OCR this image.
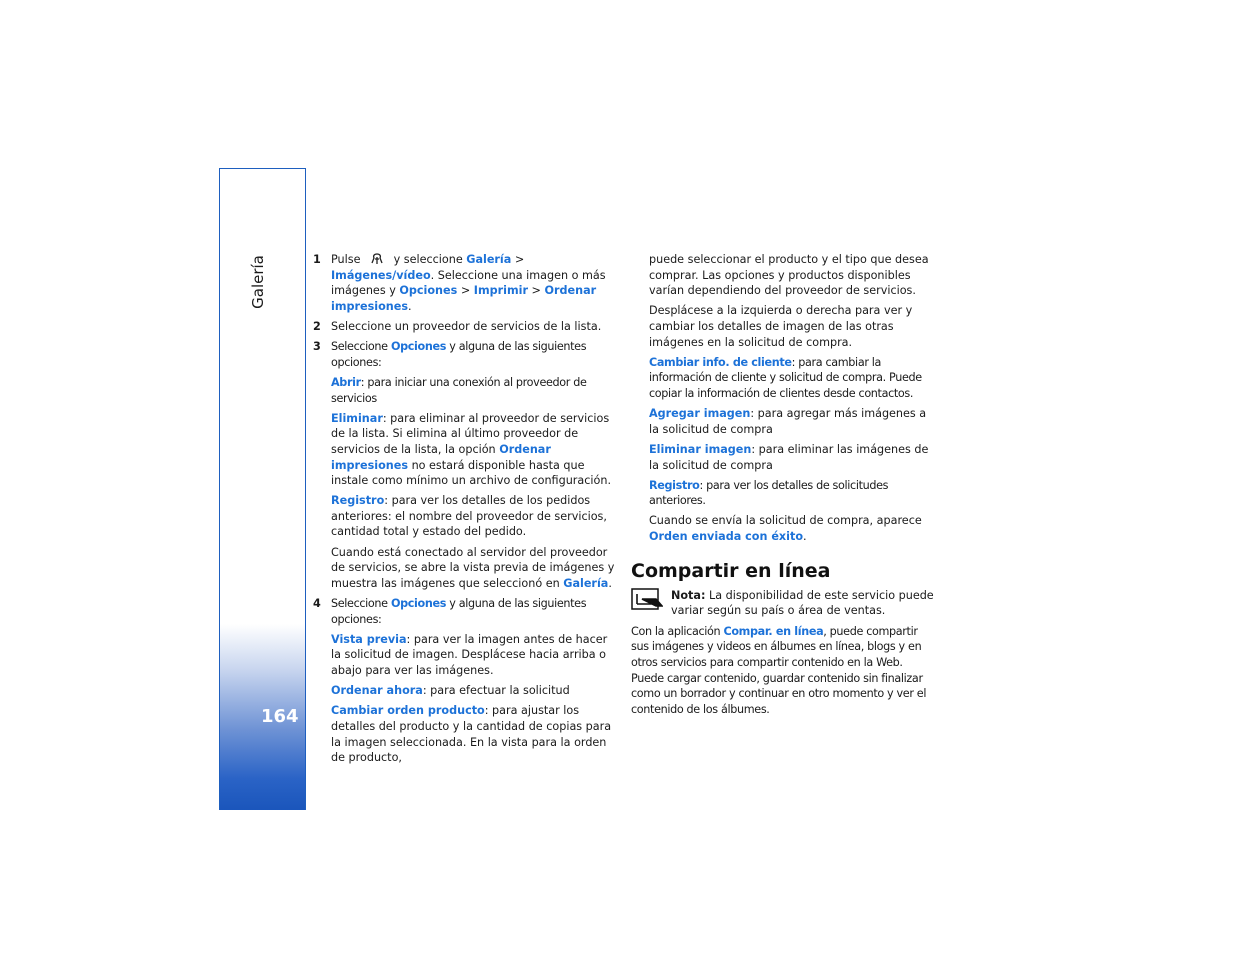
Galería
164

1 Pulse	y seleccione Galería > Imágenes/vídeo. Seleccione una imagen o más imágenes y Opciones > Imprimir > Ordenar impresiones.

2 Seleccione un proveedor de servicios de la lista.

3 Seleccione Opciones y alguna de las siguientes opciones:

Abrir: para iniciar una conexión al proveedor de servicios

Eliminar: para eliminar al proveedor de servicios de la lista. Si elimina al último proveedor de servicios de la lista, la opción Ordenar impresiones no estará disponible hasta que instale como mínimo un archivo de configuración.

Registro: para ver los detalles de los pedidos anteriores: el nombre del proveedor de servicios, cantidad total y estado del pedido.

Cuando está conectado al servidor del proveedor de servicios, se abre la vista previa de imágenes y muestra las imágenes que seleccionó en Galería.

4 Seleccione Opciones y alguna de las siguientes opciones:

Vista previa: para ver la imagen antes de hacer la solicitud de imagen. Desplácese hacia arriba o abajo para ver las imágenes.

Ordenar ahora: para efectuar la solicitud

Cambiar orden producto: para ajustar los detalles del producto y la cantidad de copias para la imagen seleccionada. En la vista para la orden de producto,

puede seleccionar el producto y el tipo que desea comprar. Las opciones y productos disponibles varían dependiendo del proveedor de servicios.

Desplácese a la izquierda o derecha para ver y cambiar los detalles de imagen de las otras imágenes en la solicitud de compra.

Cambiar info. de cliente: para cambiar la información de cliente y solicitud de compra. Puede copiar la información de clientes desde contactos.

Agregar imagen: para agregar más imágenes a la solicitud de compra

Eliminar imagen: para eliminar las imágenes de la solicitud de compra

Registro: para ver los detalles de solicitudes anteriores.

Cuando se envía la solicitud de compra, aparece Orden enviada con éxito.

Compartir en línea
Nota: La disponibilidad de este servicio puede variar según su país o área de ventas.

Con la aplicación Compar. en línea, puede compartir sus imágenes y videos en álbumes en línea, blogs y en otros servicios para compartir contenido en la Web. Puede cargar contenido, guardar contenido sin finalizar como un borrador y continuar en otro momento y ver el contenido de los álbumes.
